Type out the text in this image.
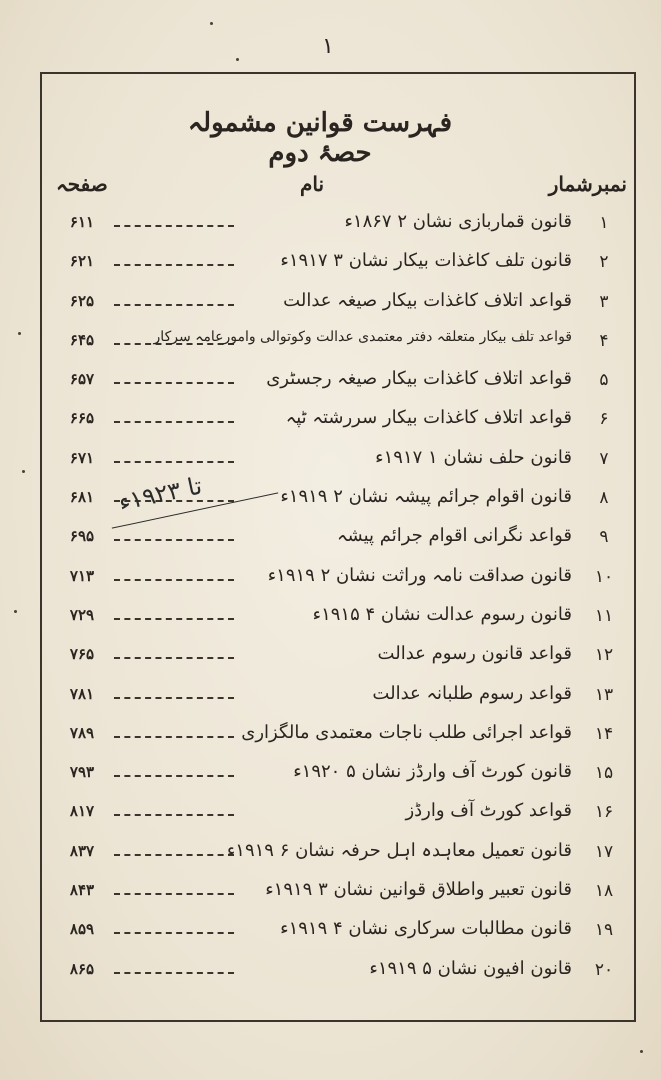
۱
فہرست قوانین مشمولہ حصۂ دوم
نمبرشمار
نام
صفحہ
۶۱۱	قانون قماربازی نشان ۲ ۱۸۶۷ء	۱
۶۲۱	قانون تلف کاغذات بیکار نشان ۳ ۱۹۱۷ء	۲
۶۲۵	قواعد اتلاف کاغذات بیکار صیغہ عدالت	۳
۶۴۵	قواعد تلف بیکار متعلقہ دفتر معتمدی عدالت وکوتوالی وامورعامہ سرکار	۴
۶۵۷	قواعد اتلاف کاغذات بیکار صیغہ رجسٹری	۵
۶۶۵	قواعد اتلاف کاغذات بیکار سررشتہ ٹپہ	۶
۶۷۱	قانون حلف نشان ۱ ۱۹۱۷ء	۷
۶۸۱	قانون اقوام جرائم پیشہ نشان ۲ ۱۹۱۹ء	۸
۶۹۵	قواعد نگرانی اقوام جرائم پیشہ	۹
۷۱۳	قانون صداقت نامہ وراثت نشان ۲ ۱۹۱۹ء	۱۰
۷۲۹	قانون رسوم عدالت نشان ۴ ۱۹۱۵ء	۱۱
۷۶۵	قواعد قانون رسوم عدالت	۱۲
۷۸۱	قواعد رسوم طلبانہ عدالت	۱۳
۷۸۹	قواعد اجرائی طلب ناجات معتمدی مالگزاری	۱۴
۷۹۳	قانون کورٹ آف وارڈز نشان ۵ ۱۹۲۰ء	۱۵
۸۱۷	قواعد کورٹ آف وارڈز	۱۶
۸۳۷	قانون تعمیل معاہدہ اہل حرفہ نشان ۶ ۱۹۱۹ء	۱۷
۸۴۳	قانون تعبیر واطلاق قوانین نشان ۳ ۱۹۱۹ء	۱۸
۸۵۹	قانون مطالبات سرکاری نشان ۴ ۱۹۱۹ء	۱۹
۸۶۵	قانون افیون نشان ۵ ۱۹۱۹ء	۲۰
تا ۱۹۲۳ء
